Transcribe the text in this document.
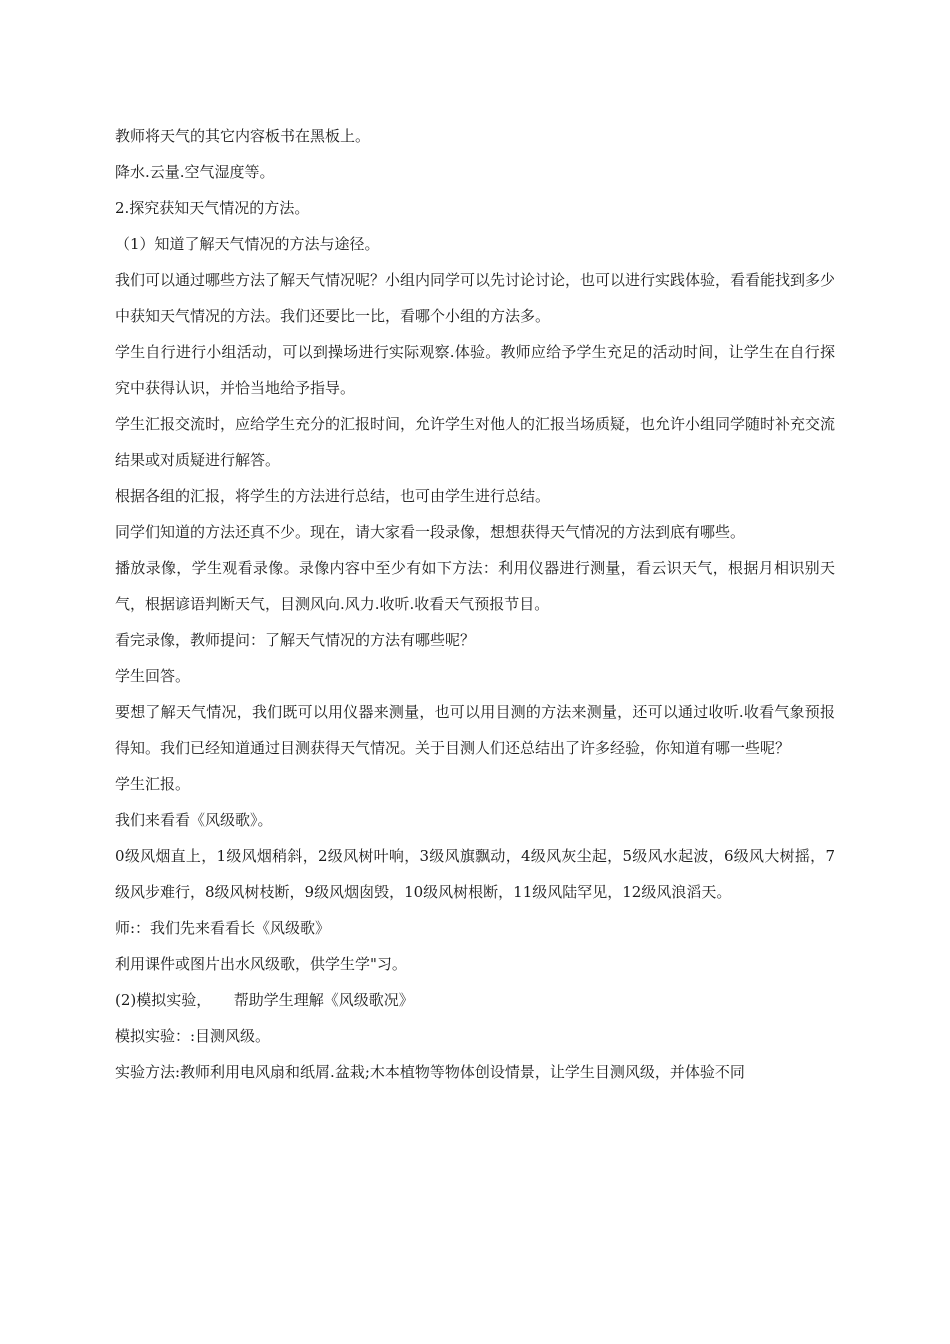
教师将天气的其它内容板书在黑板上。

降水.云量.空气湿度等。

2.探究获知天气情况的方法。

（1）知道了解天气情况的方法与途径。

我们可以通过哪些方法了解天气情况呢？小组内同学可以先讨论讨论，也可以进行实践体验，看看能找到多少中获知天气情况的方法。我们还要比一比，看哪个小组的方法多。

学生自行进行小组活动，可以到操场进行实际观察.体验。教师应给予学生充足的活动时间，让学生在自行探究中获得认识，并恰当地给予指导。

学生汇报交流时，应给学生充分的汇报时间，允许学生对他人的汇报当场质疑，也允许小组同学随时补充交流结果或对质疑进行解答。

根据各组的汇报，将学生的方法进行总结，也可由学生进行总结。

同学们知道的方法还真不少。现在，请大家看一段录像，想想获得天气情况的方法到底有哪些。

播放录像，学生观看录像。录像内容中至少有如下方法：利用仪器进行测量，看云识天气，根据月相识别天气，根据谚语判断天气，目测风向.风力.收听.收看天气预报节目。

看完录像，教师提问：了解天气情况的方法有哪些呢？

学生回答。

要想了解天气情况，我们既可以用仪器来测量，也可以用目测的方法来测量，还可以通过收听.收看气象预报得知。我们已经知道通过目测获得天气情况。关于目测人们还总结出了许多经验，你知道有哪一些呢？

学生汇报。

我们来看看《风级歌》。

0级风烟直上，1级风烟稍斜，2级风树叶响，3级风旗飘动，4级风灰尘起，5级风水起波，6级风大树摇，7级风步难行，8级风树枝断，9级风烟囱毁，10级风树根断，11级风陆罕见，12级风浪滔天。

师:：我们先来看看长《风级歌》

利用课件或图片出水风级歌，供学生学"习。

(2)模拟实验，　　帮助学生理解《风级歌况》

模拟实验：:目测风级。

实验方法:教师利用电风扇和纸屑.盆栽;木本植物等物体创设情景，让学生目测风级，并体验不同
